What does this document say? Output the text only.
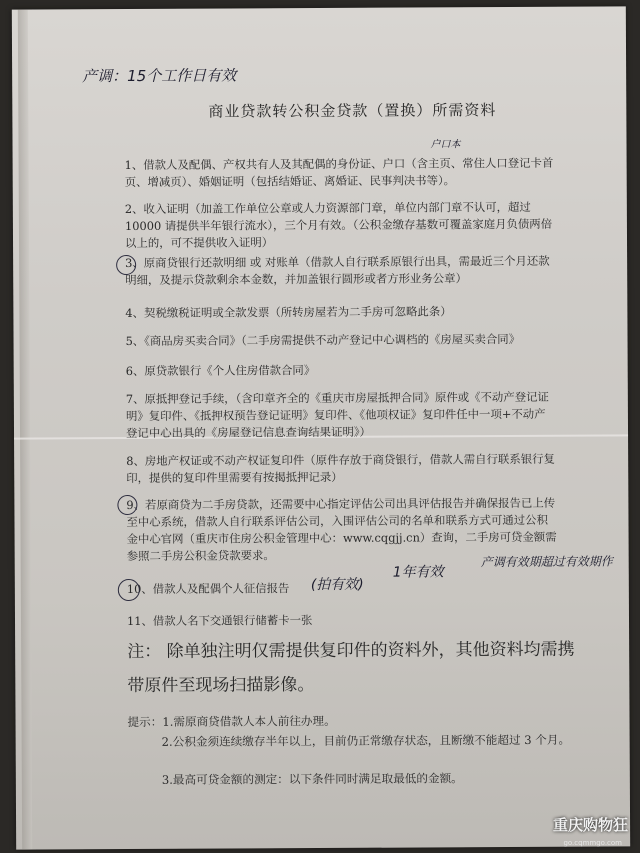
产调：15个工作日有效
户口本
商业贷款转公积金贷款（置换）所需资料
1、借款人及配偶、产权共有人及其配偶的身份证、户口（含主页、常住人口登记卡首页、增减页）、婚姻证明（包括结婚证、离婚证、民事判决书等）。
2、收入证明（加盖工作单位公章或人力资源部门章，单位内部门章不认可，超过 10000 请提供半年银行流水），三个月有效。（公积金缴存基数可覆盖家庭月负债两倍以上的，可不提供收入证明）
3、原商贷银行还款明细 或 对账单（借款人自行联系原银行出具，需最近三个月还款明细，及提示贷款剩余本金数，并加盖银行圆形或者方形业务公章）
4、契税缴税证明或全款发票（所转房屋若为二手房可忽略此条）
5、《商品房买卖合同》（二手房需提供不动产登记中心调档的《房屋买卖合同》
6、原贷款银行《个人住房借款合同》
7、原抵押登记手续，（含印章齐全的《重庆市房屋抵押合同》原件或《不动产登记证明》复印件、《抵押权预告登记证明》复印件、《他项权证》复印件任中一项+不动产登记中心出具的《房屋登记信息查询结果证明》）
8、房地产权证或不动产权证复印件（原件存放于商贷银行，借款人需自行联系银行复印，提供的复印件里需要有按揭抵押记录）
9、若原商贷为二手房贷款，还需要中心指定评估公司出具评估报告并确保报告已上传至中心系统，借款人自行联系评估公司，入围评估公司的名单和联系方式可通过公积金中心官网（重庆市住房公积金管理中心：www.cqgjj.cn）查询，二手房可贷金额需参照二手房公积金贷款要求。
10、借款人及配偶个人征信报告
11、借款人名下交通银行储蓄卡一张
(拍有效)
1年有效
产调有效期超过有效期作
注： 除单独注明仅需提供复印件的资料外，其他资料均需携带原件至现场扫描影像。
提示：1.需原商贷借款人本人前往办理。
2.公积金须连续缴存半年以上，目前仍正常缴存状态，且断缴不能超过 3 个月。
3.最高可贷金额的测定：以下条件同时满足取最低的金额。
重庆购物狂
go.cqmmgo.com
